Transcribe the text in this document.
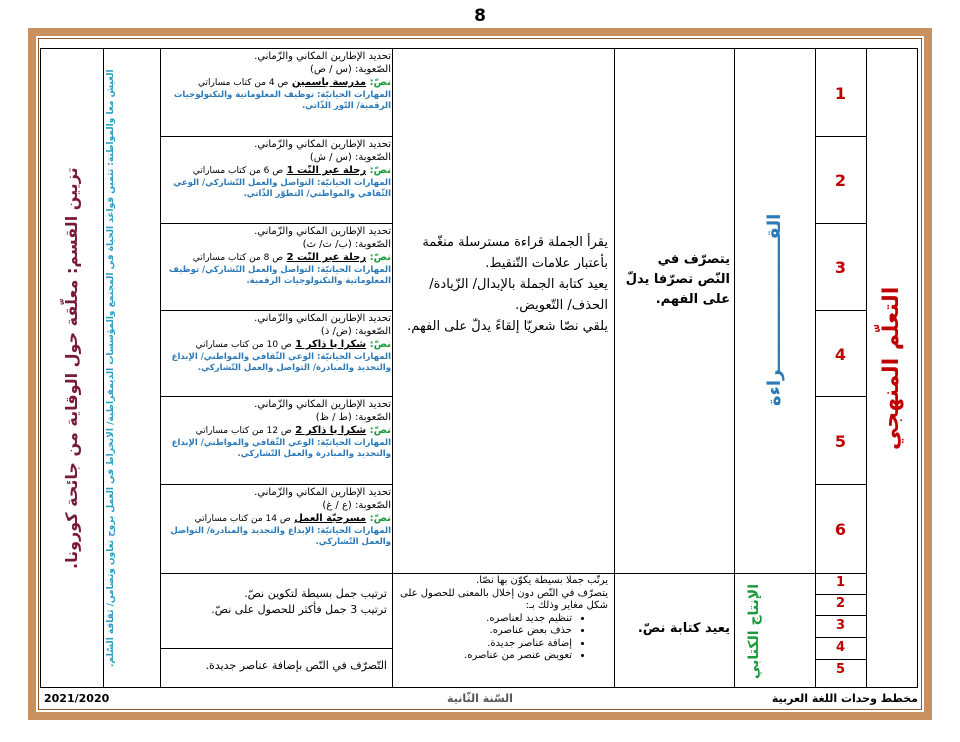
8
التعلّم المنهجي
1
2
3
4
5
6
1
2
3
4
5
القـــــــــــــــــــــراءة
الإنتاج الكتابي
يتصرّف في النّص تصرّفا يدلّ على الفهم.
يعيد كتابة نصّ.
يقرأ الجملة قراءة مسترسلة منغّمة بأعتبار علامات التّنقيط.
يعيد كتابة الجملة بالإبدال/ الزّيادة/ الحذف/ التّعويض.
يلقي نصّا شعريّا إلقاءً يدلّ على الفهم.
يرتّب جملا بسيطة يكوّن بها نصّا.
يتصرّف في النّص دون إخلال بالمعنى للحصول على شكل مغاير وذلك بـ:
• تنظيم جديد لعناصره.
• حذف بعض عناصره.
• إضافة عناصر جديدة.
• تعويض عنصر من عناصره.
تحديد الإطارين المكاني والزّماني.
الصّعوبة: (س / ص)
نصّ: مدرسة ياسمين ص 4 من كتاب مساراتي
المهارات الحياتيّة: توظيف المعلوماتية والتكنولوجيات الرقمية/ التّور الذّاتي.
تحديد الإطارين المكاني والزّماني.
الصّعوبة: (س / ش)
نصّ: رحلة عبر النّت 1 ص 6 من كتاب مساراتي
المهارات الحياتيّة: التواصل والعمل التّشاركي/ الوعي الثّقافي والمواطني/ التطوّر الذّاتي.
تحديد الإطارين المكاني والزّماني.
الصّعوبة: (ب/ ت/ ث)
نصّ: رحلة عبر النّت 2 ص 8 من كتاب مساراتي
المهارات الحياتيّة: التواصل والعمل التّشاركي/ توظيف المعلوماتية والتكنولوجيات الرقمية.
تحديد الإطارين المكاني والزّماني.
الصّعوبة: (ض/ ذ)
نصّ: شكرا يا ذاكر 1 ص 10 من كتاب مساراتي
المهارات الحياتيّة: الوعي الثّقافي والمواطني/ الإبداع والتجديد والمبادرة/ التواصل والعمل التّشاركي.
تحديد الإطارين المكاني والزّماني.
الصّعوبة: (ط / ظ)
نصّ: شكرا يا ذاكر 2 ص 12 من كتاب مساراتي
المهارات الحياتيّة: الوعي الثّقافي والمواطني/ الإبداع والتجديد والمبادرة والعمل التّشاركي.
تحديد الإطارين المكاني والزّماني.
الصّعوبة: (ع / غ)
نصّ: مسرحيّة العمل ص 14 من كتاب مساراتي
المهارات الحياتيّة: الإبداع والتجديد والمبادرة/ التواصل والعمل التّشاركي.
ترتيب جمل بسيطة لتكوين نصّ.
ترتيب 3 جمل فأكثر للحصول على نصّ.
التّصرّف في النّص بإضافة عناصر جديدة.
العيش معا والمواطنة: تثمين قواعد الحياة في المجتمع والمؤسسات الديمقراطية/ الانخراط في العمل بروح تعاون وتضامن/ ثقافة السّلم.
تزيين القسم: معلّقة حول الوقاية من جائحة كورونا.
2021/2020	السّنة الثّانية	مخطط وحدات اللغة العربية
